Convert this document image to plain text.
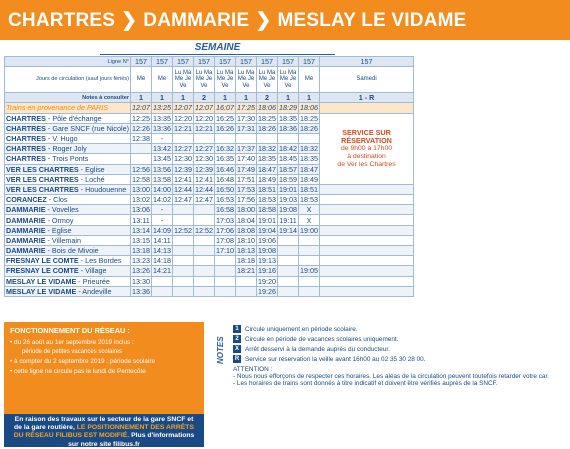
CHARTRES ❯ DAMMARIE ❯ MESLAY LE VIDAME
SEMAINE
Ligne N°	157	157	157	157	157	157	157	157	157	157
Jours de circulation (sauf jours fériés)	Me	Me	Lu Ma Me Je Ve	Lu Ma Me Je Ve	Lu Ma Me Je Ve	Lu Ma Me Je Ve	Lu Ma Me Je Ve	Lu Ma Me Je Ve	Me	Samedi
Notes à consulter	1	1	1	2	1	1	2	1	1	1 - R
Trains en provenance de PARIS	12:07	13:25	12:07	12:07	16:07	17:25	18:06	18:29	18:06	
CHARTRES - Pôle d'échange	12:25	13:35	12:20	12:20	16:25	17:30	18:25	18:35	18:25	SERVICE SUR
RÉSERVATION
de 9h00 à 17h00
à destination
de Ver les Chartres

CHARTRES - Gare SNCF (rue Nicole)	12:26	13:36	12:21	12:21	16:26	17:31	18:26	18:36	18:26	
CHARTRES - V. Hugo	12:38	-								
CHARTRES - Roger Joly		13:42	12:27	12:27	16:32	17:37	18:32	18:42	18:32	
CHARTRES - Trois Ponts		13:45	12:30	12:30	16:35	17:40	18:35	18:45	18:35	
VER LES CHARTRES - Eglise	12:56	13:56	12:39	12:39	16:46	17:49	18:47	18:57	18:47	
VER LES CHARTRES - Loché	12:58	13:58	12:41	12:41	16:48	17:51	18:49	18:59	18:49	
VER LES CHARTRES - Houdouenne	13:00	14:00	12:44	12:44	16:50	17:53	18:51	19:01	18:51	
CORANCEZ - Clos	13:02	14:02	12:47	12:47	16:53	17:56	18:53	19:03	18:53	
DAMMARIE - Vovelles	13:06	-			16:58	18:00	18:58	19:08	X	
DAMMARIE - Ormoy	13:11	-			17:03	18:04	19:01	19:11	X	
DAMMARIE - Eglise	13:14	14:09	12:52	12:52	17:06	18:08	19:04	19:14	19:00	
DAMMARIE - Villemain	13:15	14:11			17:08	18:10	19:06			
DAMMARIE - Bois de Mivoie	13:18	14:13			17:10	18:13	19:08			
FRESNAY LE COMTE - Les Bordes	13:23	14:18				18:18	19:13			
FRESNAY LE COMTE - Village	13:26	14:21				18:21	19:16		19:05	
MESLAY LE VIDAME - Prieurée	13:30						19:20			
MESLAY LE VIDAME - Andeville	13:36						19:26			
FONCTIONNEMENT DU RÉSEAU :
• du 26 août au 1er septembre 2019 inclus :
période de petites vacances scolaires
• à compter du 2 septembre 2019 : période scolaire
• cette ligne ne circule pas le lundi de Pentecôte
En raison des travaux sur le secteur de la gare SNCF et de la gare routière, LE POSITIONNEMENT DES ARRÊTS DU RÉSEAU FILIBUS EST MODIFIÉ. Plus d'informations sur notre site filibus.fr
NOTES
1 Circule uniquement en période scolaire.
2 Circule en période de vacances scolaires uniquement.
X Arrêt desservi à la demande auprès du conducteur.
R Service sur réservation la veille avant 16h00 au 02 35 30 28 00.
ATTENTION :
- Nous nous efforçons de respecter ces horaires. Les aléas de la circulation peuvent toutefois retarder votre car.
- Les horaires de trains sont donnés à titre indicatif et doivent être vérifiés auprès de la SNCF.
